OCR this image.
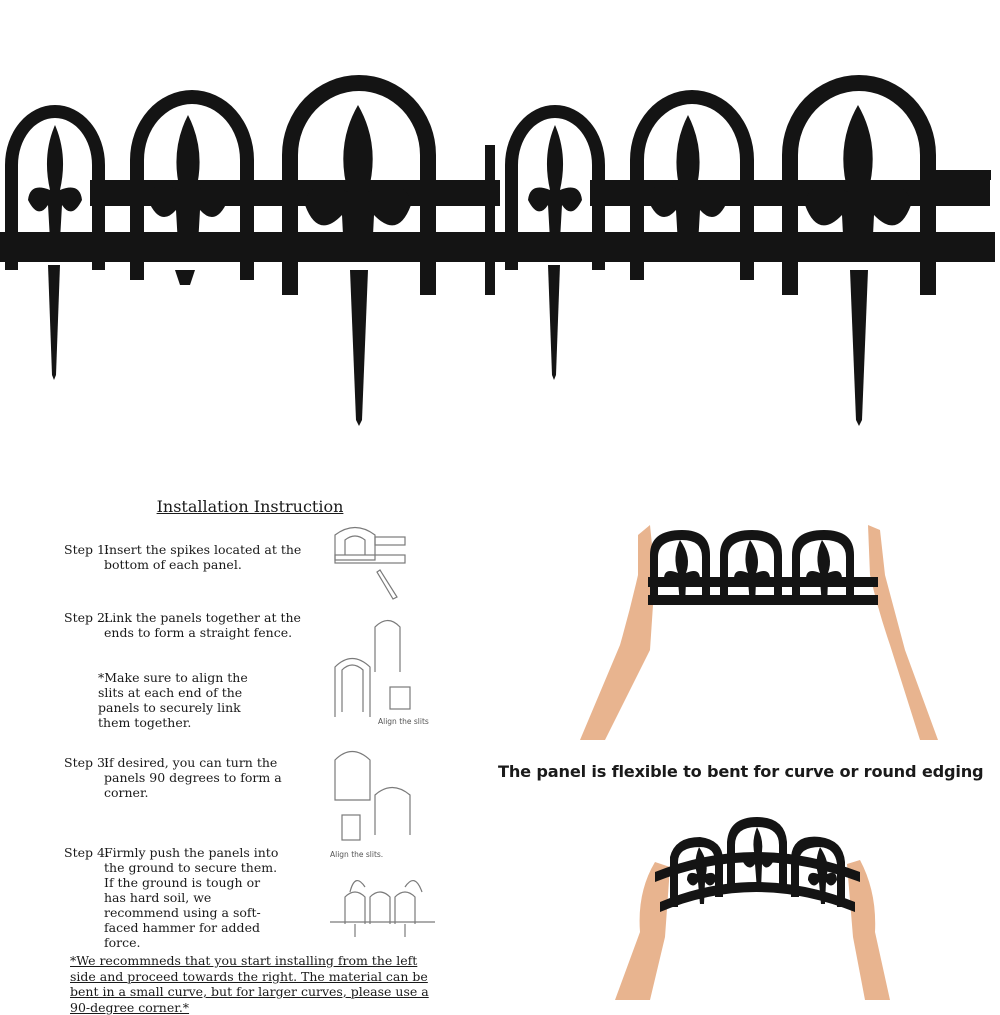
Installation Instruction
Step 1:
Insert the spikes located at the bottom of each panel.
Step 2:
Link the panels together at the ends to form a straight fence.
*Make sure to align the slits at each end of the panels to securely link them together.
Step 3:
If desired, you can turn the panels 90 degrees to form a corner.
Step 4:
Firmly push the panels into the ground to secure them. If the ground is tough or has hard soil, we recommend using a soft-faced hammer for added force.
Align the slits
Align the slits.
*We recommneds that you start installing from the left side and proceed towards the right. The material can be bent in a small curve, but for larger curves, please use a 90-degree corner.*
The panel is flexible to bent for curve or round edging
